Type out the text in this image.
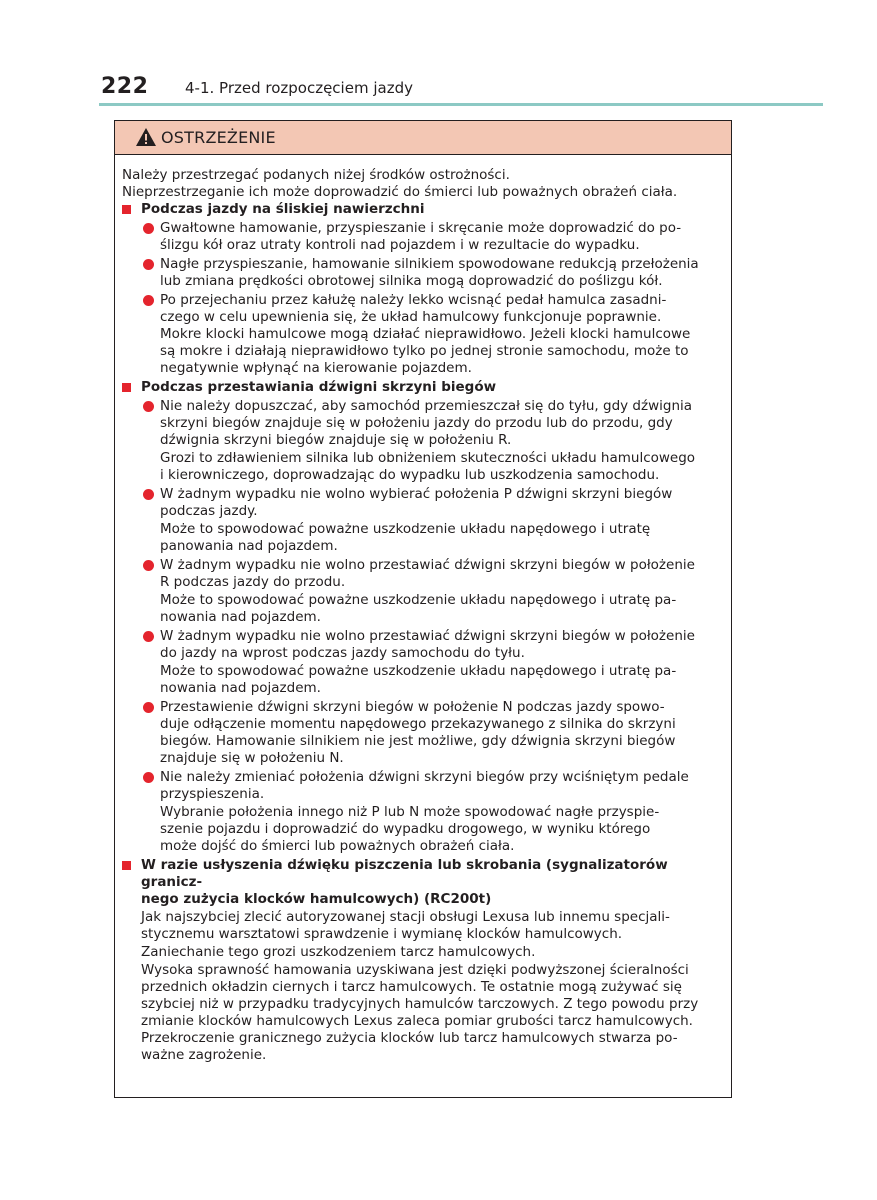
222 4-1. Przed rozpoczęciem jazdy
OSTRZEŻENIE

Należy przestrzegać podanych niżej środków ostrożności.
Nieprzestrzeganie ich może doprowadzić do śmierci lub poważnych obrażeń ciała.

Podczas jazdy na śliskiej nawierzchni
Gwałtowne hamowanie, przyspieszanie i skręcanie może doprowadzić do po-
ślizgu kół oraz utraty kontroli nad pojazdem i w rezultacie do wypadku.
Nagłe przyspieszanie, hamowanie silnikiem spowodowane redukcją przełożenia
lub zmiana prędkości obrotowej silnika mogą doprowadzić do poślizgu kół.
Po przejechaniu przez kałużę należy lekko wcisnąć pedał hamulca zasadni-
czego w celu upewnienia się, że układ hamulcowy funkcjonuje poprawnie.
Mokre klocki hamulcowe mogą działać nieprawidłowo. Jeżeli klocki hamulcowe
są mokre i działają nieprawidłowo tylko po jednej stronie samochodu, może to
negatywnie wpłynąć na kierowanie pojazdem.
Podczas przestawiania dźwigni skrzyni biegów
Nie należy dopuszczać, aby samochód przemieszczał się do tyłu, gdy dźwignia
skrzyni biegów znajduje się w położeniu jazdy do przodu lub do przodu, gdy
dźwignia skrzyni biegów znajduje się w położeniu R.
Grozi to zdławieniem silnika lub obniżeniem skuteczności układu hamulcowego
i kierowniczego, doprowadzając do wypadku lub uszkodzenia samochodu.
W żadnym wypadku nie wolno wybierać położenia P dźwigni skrzyni biegów
podczas jazdy.
Może to spowodować poważne uszkodzenie układu napędowego i utratę
panowania nad pojazdem.
W żadnym wypadku nie wolno przestawiać dźwigni skrzyni biegów w położenie
R podczas jazdy do przodu.
Może to spowodować poważne uszkodzenie układu napędowego i utratę pa-
nowania nad pojazdem.
W żadnym wypadku nie wolno przestawiać dźwigni skrzyni biegów w położenie
do jazdy na wprost podczas jazdy samochodu do tyłu.
Może to spowodować poważne uszkodzenie układu napędowego i utratę pa-
nowania nad pojazdem.
Przestawienie dźwigni skrzyni biegów w położenie N podczas jazdy spowo-
duje odłączenie momentu napędowego przekazywanego z silnika do skrzyni
biegów. Hamowanie silnikiem nie jest możliwe, gdy dźwignia skrzyni biegów
znajduje się w położeniu N.
Nie należy zmieniać położenia dźwigni skrzyni biegów przy wciśniętym pedale
przyspieszenia.
Wybranie położenia innego niż P lub N może spowodować nagłe przyspie-
szenie pojazdu i doprowadzić do wypadku drogowego, w wyniku którego
może dojść do śmierci lub poważnych obrażeń ciała.
W razie usłyszenia dźwięku piszczenia lub skrobania (sygnalizatorów granicz-
nego zużycia klocków hamulcowych) (RC200t)
Jak najszybciej zlecić autoryzowanej stacji obsługi Lexusa lub innemu specjali-
stycznemu warsztatowi sprawdzenie i wymianę klocków hamulcowych.
Zaniechanie tego grozi uszkodzeniem tarcz hamulcowych.
Wysoka sprawność hamowania uzyskiwana jest dzięki podwyższonej ścieralności
przednich okładzin ciernych i tarcz hamulcowych. Te ostatnie mogą zużywać się
szybciej niż w przypadku tradycyjnych hamulców tarczowych. Z tego powodu przy
zmianie klocków hamulcowych Lexus zaleca pomiar grubości tarcz hamulcowych.
Przekroczenie granicznego zużycia klocków lub tarcz hamulcowych stwarza po-
ważne zagrożenie.
